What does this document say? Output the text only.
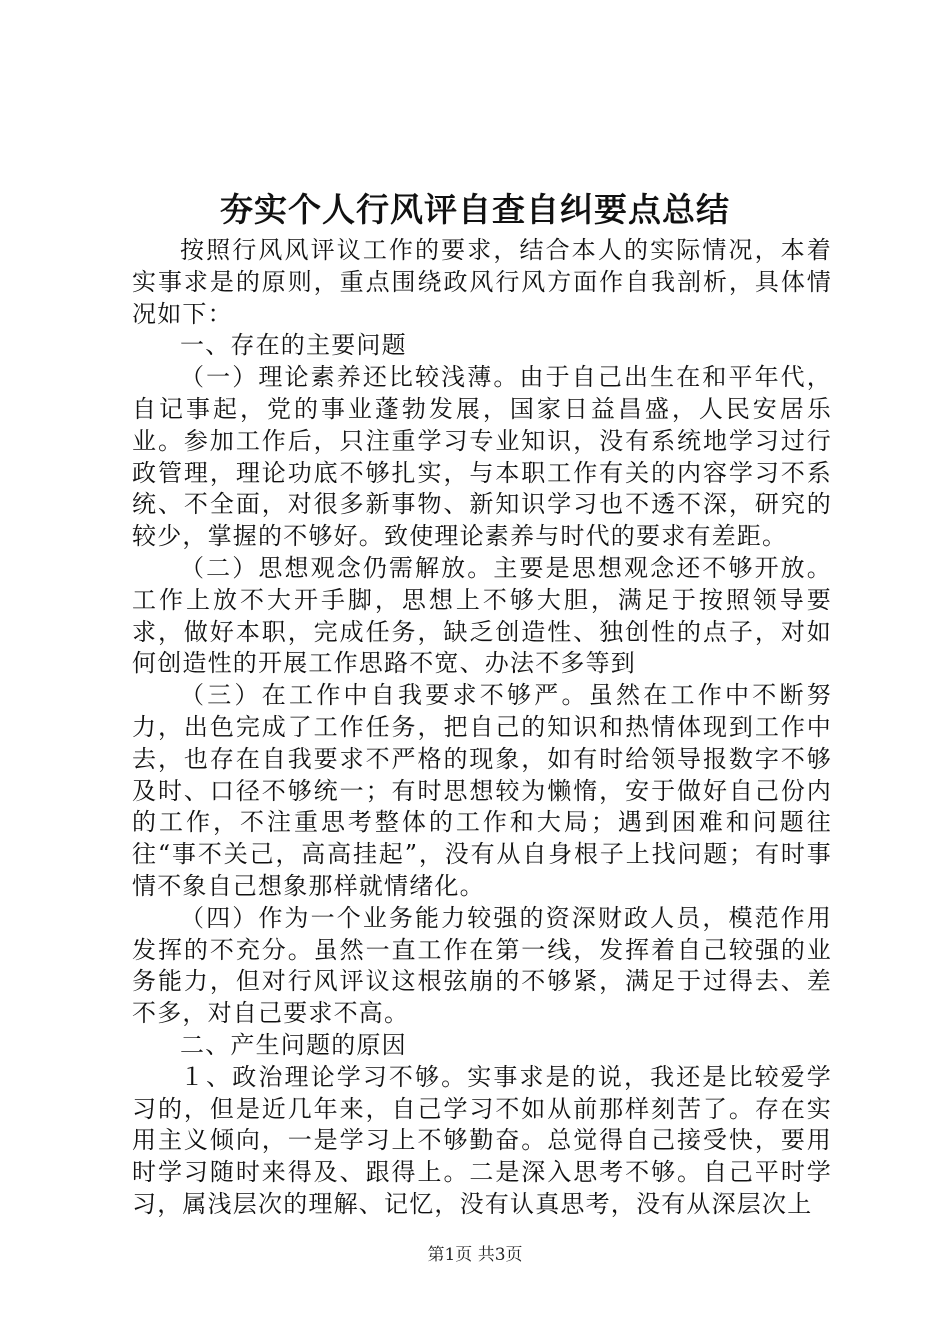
夯实个人行风评自查自纠要点总结

按照行风风评议工作的要求，结合本人的实际情况，本着实事求是的原则，重点围绕政风行风方面作自我剖析，具体情况如下：

一、存在的主要问题

（一）理论素养还比较浅薄。由于自己出生在和平年代，自记事起，党的事业蓬勃发展，国家日益昌盛，人民安居乐业。参加工作后，只注重学习专业知识，没有系统地学习过行政管理，理论功底不够扎实，与本职工作有关的内容学习不系统、不全面，对很多新事物、新知识学习也不透不深，研究的较少，掌握的不够好。致使理论素养与时代的要求有差距。

（二）思想观念仍需解放。主要是思想观念还不够开放。工作上放不大开手脚，思想上不够大胆，满足于按照领导要求，做好本职，完成任务，缺乏创造性、独创性的点子，对如何创造性的开展工作思路不宽、办法不多等到

（三）在工作中自我要求不够严。虽然在工作中不断努力，出色完成了工作任务，把自己的知识和热情体现到工作中去，也存在自我要求不严格的现象，如有时给领导报数字不够及时、口径不够统一；有时思想较为懒惰，安于做好自己份内的工作，不注重思考整体的工作和大局；遇到困难和问题往往“事不关己，高高挂起”，没有从自身根子上找问题；有时事情不象自己想象那样就情绪化。

（四）作为一个业务能力较强的资深财政人员，模范作用发挥的不充分。虽然一直工作在第一线，发挥着自己较强的业务能力，但对行风评议这根弦崩的不够紧，满足于过得去、差不多，对自己要求不高。

二、产生问题的原因

１、政治理论学习不够。实事求是的说，我还是比较爱学习的，但是近几年来，自己学习不如从前那样刻苦了。存在实用主义倾向，一是学习上不够勤奋。总觉得自己接受快，要用时学习随时来得及、跟得上。二是深入思考不够。自己平时学习，属浅层次的理解、记忆，没有认真思考，没有从深层次上

第1页 共3页
